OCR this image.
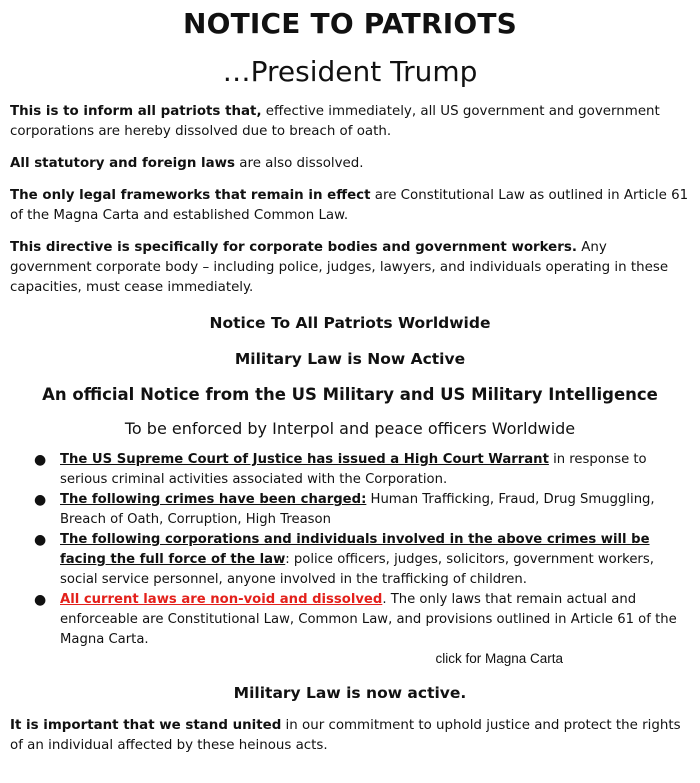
NOTICE TO PATRIOTS
…President Trump

This is to inform all patriots that, effective immediately, all US government and government corporations are hereby dissolved due to breach of oath.

All statutory and foreign laws are also dissolved.

The only legal frameworks that remain in effect are Constitutional Law as outlined in Article 61 of the Magna Carta and established Common Law.

This directive is specifically for corporate bodies and government workers. Any government corporate body – including police, judges, lawyers, and individuals operating in these capacities, must cease immediately.

Notice To All Patriots Worldwide
Military Law is Now Active
An official Notice from the US Military and US Military Intelligence
To be enforced by Interpol and peace officers Worldwide
● The US Supreme Court of Justice has issued a High Court Warrant in response to serious criminal activities associated with the Corporation.
● The following crimes have been charged: Human Trafficking, Fraud, Drug Smuggling, Breach of Oath, Corruption, High Treason
● The following corporations and individuals involved in the above crimes will be facing the full force of the law: police officers, judges, solicitors, government workers, social service personnel, anyone involved in the trafficking of children.
● All current laws are non-void and dissolved. The only laws that remain actual and enforceable are Constitutional Law, Common Law, and provisions outlined in Article 61 of the Magna Carta.
click for Magna Carta
Military Law is now active.

It is important that we stand united in our commitment to uphold justice and protect the rights of an individual affected by these heinous acts.
